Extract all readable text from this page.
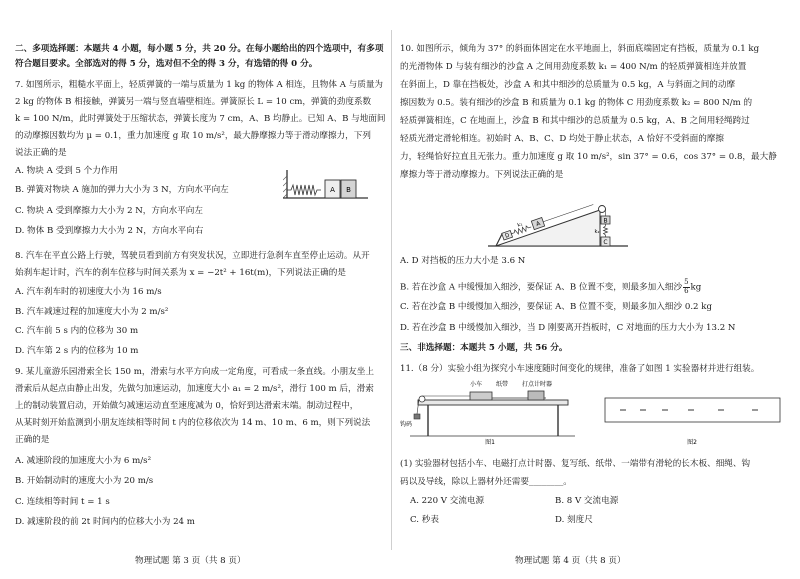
二、多项选择题：本题共 4 小题，每小题 5 分，共 20 分。在每小题给出的四个选项中，有多项
符合题目要求。全部选对的得 5 分，选对但不全的得 3 分，有选错的得 0 分。
7. 如图所示，粗糙水平面上，轻质弹簧的一端与质量为 1 kg 的物体 A 相连，且物体 A 与质量为
2 kg 的物体 B 相接触，弹簧另一端与竖直墙壁相连。弹簧原长 L = 10 cm，弹簧的劲度系数
k = 100 N/m，此时弹簧处于压缩状态，弹簧长度为 7 cm，A、B 均静止。已知 A、B 与地面间
的动摩擦因数均为 μ = 0.1，重力加速度 g 取 10 m/s²，最大静摩擦力等于滑动摩擦力，下列
说法正确的是
A. 物块 A 受到 5 个力作用
B. 弹簧对物块 A 施加的弹力大小为 3 N，方向水平向左
C. 物块 A 受到摩擦力大小为 2 N，方向水平向左
D. 物体 B 受到摩擦力大小为 2 N，方向水平向右
A B
8. 汽车在平直公路上行驶，驾驶员看到前方有突发状况，立即进行急刹车直至停止运动。从开
始刹车起计时，汽车的刹车位移与时间关系为 x = −2t² + 16t(m)，下列说法正确的是
A. 汽车刹车时的初速度大小为 16 m/s
B. 汽车减速过程的加速度大小为 2 m/s²
C. 汽车前 5 s 内的位移为 30 m
D. 汽车第 2 s 内的位移为 10 m
9. 某儿童游乐园滑索全长 150 m，滑索与水平方向成一定角度，可看成一条直线。小朋友坐上
滑索后从起点由静止出发，先做匀加速运动，加速度大小 a₁ = 2 m/s²，滑行 100 m 后，滑索
上的制动装置启动，开始做匀减速运动直至速度减为 0，恰好到达滑索末端。制动过程中，
从某时刻开始监测到小朋友连续相等时间 t 内的位移依次为 14 m、10 m、6 m，则下列说法
正确的是
A. 减速阶段的加速度大小为 6 m/s²
B. 开始制动时的速度大小为 20 m/s
C. 连续相等时间 t = 1 s
D. 减速阶段的前 2t 时间内的位移大小为 24 m
物理试题 第 3 页（共 8 页）
10. 如图所示，倾角为 37° 的斜面体固定在水平地面上，斜面底端固定有挡板，质量为 0.1 kg
的光滑物体 D 与装有细沙的沙盒 A 之间用劲度系数 k₁ = 400 N/m 的轻质弹簧相连并放置
在斜面上，D 靠在挡板处，沙盒 A 和其中细沙的总质量为 0.5 kg，A 与斜面之间的动摩
擦因数为 0.5。装有细沙的沙盒 B 和质量为 0.1 kg 的物体 C 用劲度系数 k₂ = 800 N/m 的
轻质弹簧相连，C 在地面上，沙盒 B 和其中细沙的总质量为 0.5 kg，A、B 之间用轻绳跨过
轻质光滑定滑轮相连。初始时 A、B、C、D 均处于静止状态，A 恰好不受斜面的摩擦
力，轻绳恰好拉直且无张力。重力加速度 g 取 10 m/s²，sin 37° = 0.6，cos 37° = 0.8，最大静
摩擦力等于滑动摩擦力。下列说法正确的是
D
A
k₁
B
k₂
C
A. D 对挡板的压力大小是 3.6 N
B. 若在沙盒 A 中缓慢加入细沙，要保证 A、B 位置不变，则最多加入细沙 $\frac{5}{6}$ kg
C. 若在沙盒 B 中缓慢加入细沙，要保证 A、B 位置不变，则最多加入细沙 0.2 kg
D. 若在沙盒 B 中缓慢加入细沙，当 D 刚要离开挡板时，C 对地面的压力大小为 13.2 N
三、非选择题：本题共 5 小题，共 56 分。
11.（8 分）实验小组为探究小车速度随时间变化的规律，准备了如图 1 实验器材并进行组装。
小车 纸带 打点计时器
钩码
图1	图2
(1) 实验器材包括小车、电磁打点计时器、复写纸、纸带、一端带有滑轮的长木板、细绳、钩
码以及导线，除以上器材外还需要________。
A. 220 V 交流电源	B. 8 V 交流电源
C. 秒表	D. 刻度尺
物理试题 第 4 页（共 8 页）
